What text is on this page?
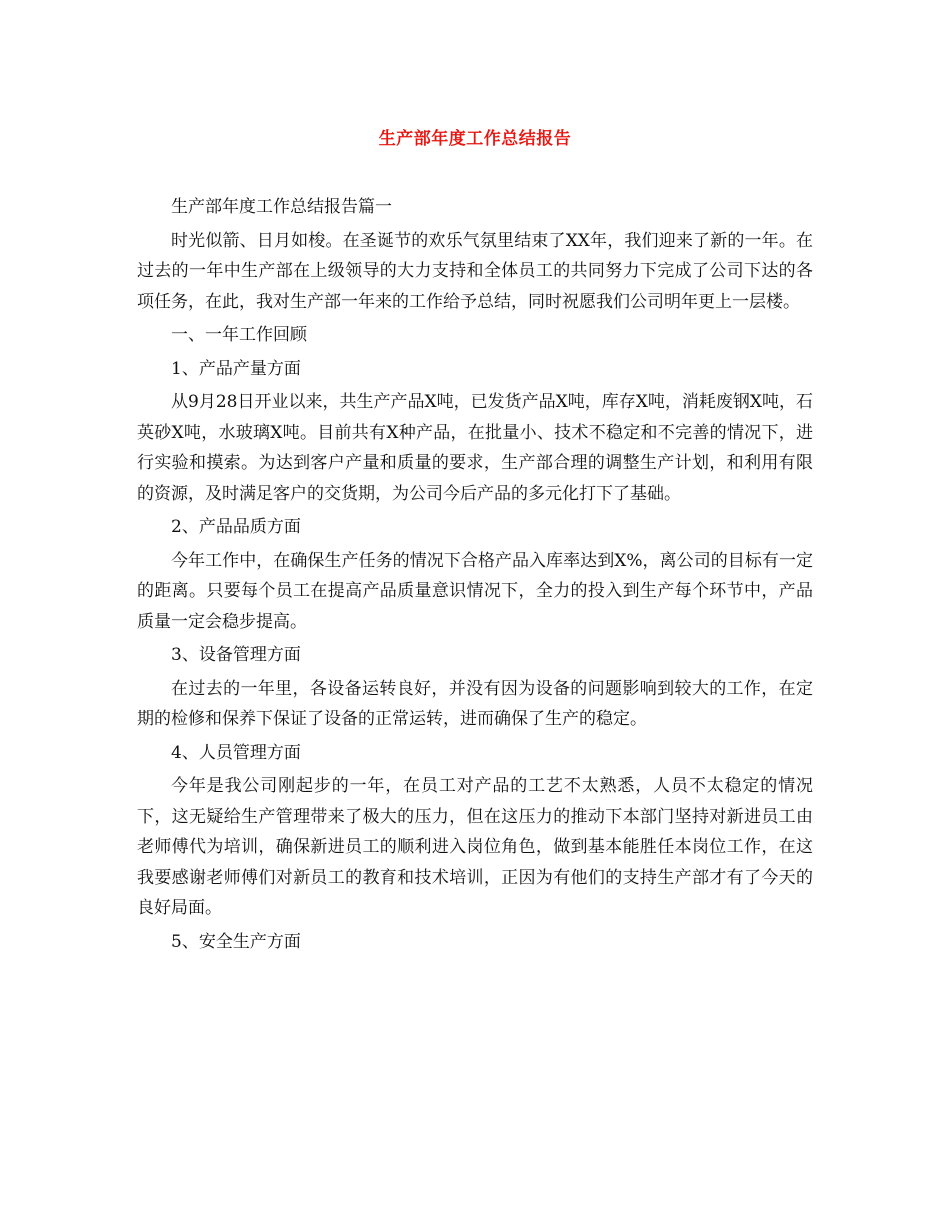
生产部年度工作总结报告

生产部年度工作总结报告篇一

时光似箭、日月如梭。在圣诞节的欢乐气氛里结束了XX年，我们迎来了新的一年。在过去的一年中生产部在上级领导的大力支持和全体员工的共同努力下完成了公司下达的各项任务，在此，我对生产部一年来的工作给予总结，同时祝愿我们公司明年更上一层楼。

一、一年工作回顾

1、产品产量方面

从9月28日开业以来，共生产产品X吨，已发货产品X吨，库存X吨，消耗废钢X吨，石英砂X吨，水玻璃X吨。目前共有X种产品，在批量小、技术不稳定和不完善的情况下，进行实验和摸索。为达到客户产量和质量的要求，生产部合理的调整生产计划，和利用有限的资源，及时满足客户的交货期，为公司今后产品的多元化打下了基础。

2、产品品质方面

今年工作中，在确保生产任务的情况下合格产品入库率达到X%，离公司的目标有一定的距离。只要每个员工在提高产品质量意识情况下，全力的投入到生产每个环节中，产品质量一定会稳步提高。

3、设备管理方面

在过去的一年里，各设备运转良好，并没有因为设备的问题影响到较大的工作，在定期的检修和保养下保证了设备的正常运转，进而确保了生产的稳定。

4、人员管理方面

今年是我公司刚起步的一年，在员工对产品的工艺不太熟悉，人员不太稳定的情况下，这无疑给生产管理带来了极大的压力，但在这压力的推动下本部门坚持对新进员工由老师傅代为培训，确保新进员工的顺利进入岗位角色，做到基本能胜任本岗位工作，在这我要感谢老师傅们对新员工的教育和技术培训，正因为有他们的支持生产部才有了今天的良好局面。

5、安全生产方面
